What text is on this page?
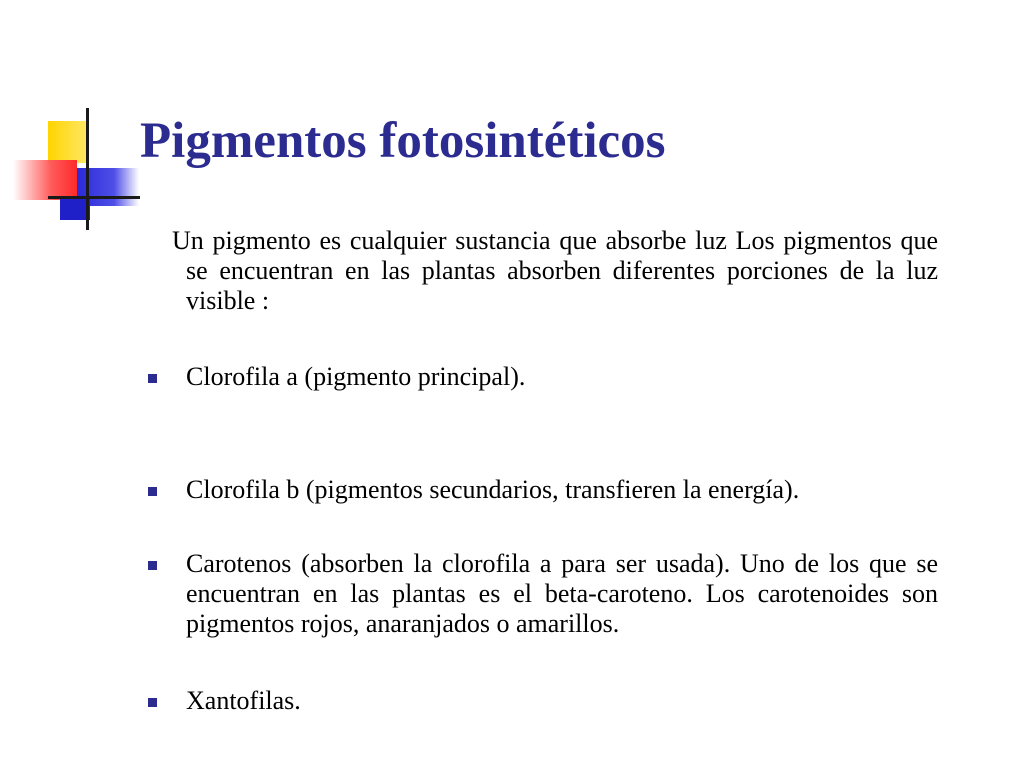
Pigmentos fotosintéticos

Un pigmento es cualquier sustancia que absorbe luz Los pigmentos que se encuentran en las plantas absorben diferentes porciones de la luz visible :

Clorofila a (pigmento principal).

Clorofila b (pigmentos secundarios, transfieren la energía).

Carotenos (absorben la clorofila a para ser usada). Uno de los que se encuentran en las plantas es el beta-caroteno. Los carotenoides son pigmentos rojos, anaranjados o amarillos.

Xantofilas.
